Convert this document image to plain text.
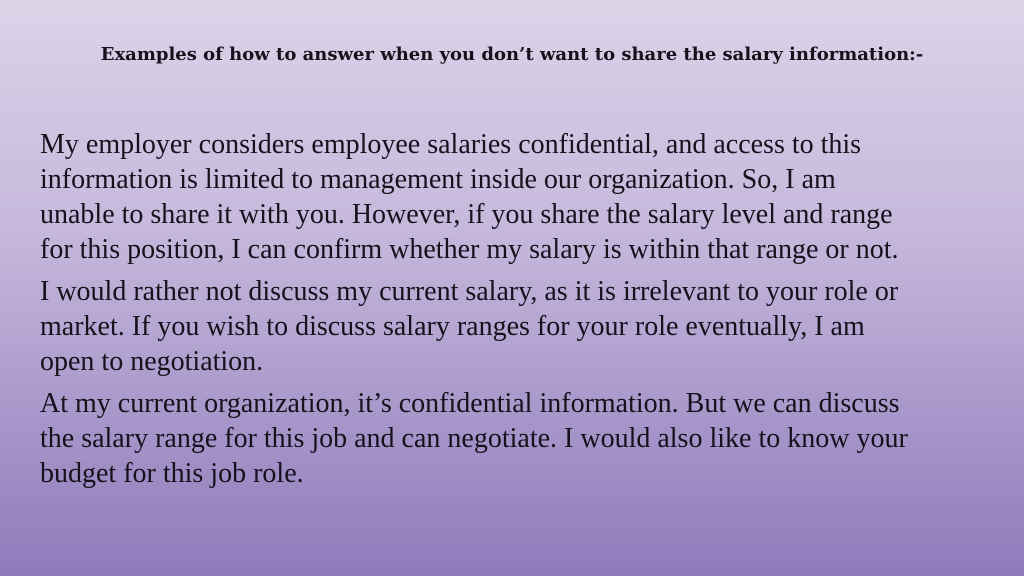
Examples of how to answer when you don’t want to share the salary information:-

My employer considers employee salaries confidential, and access to this
information is limited to management inside our organization. So, I am
unable to share it with you. However, if you share the salary level and range
for this position, I can confirm whether my salary is within that range or not.

I would rather not discuss my current salary, as it is irrelevant to your role or
market. If you wish to discuss salary ranges for your role eventually, I am
open to negotiation.

At my current organization, it’s confidential information. But we can discuss
the salary range for this job and can negotiate. I would also like to know your
budget for this job role.
